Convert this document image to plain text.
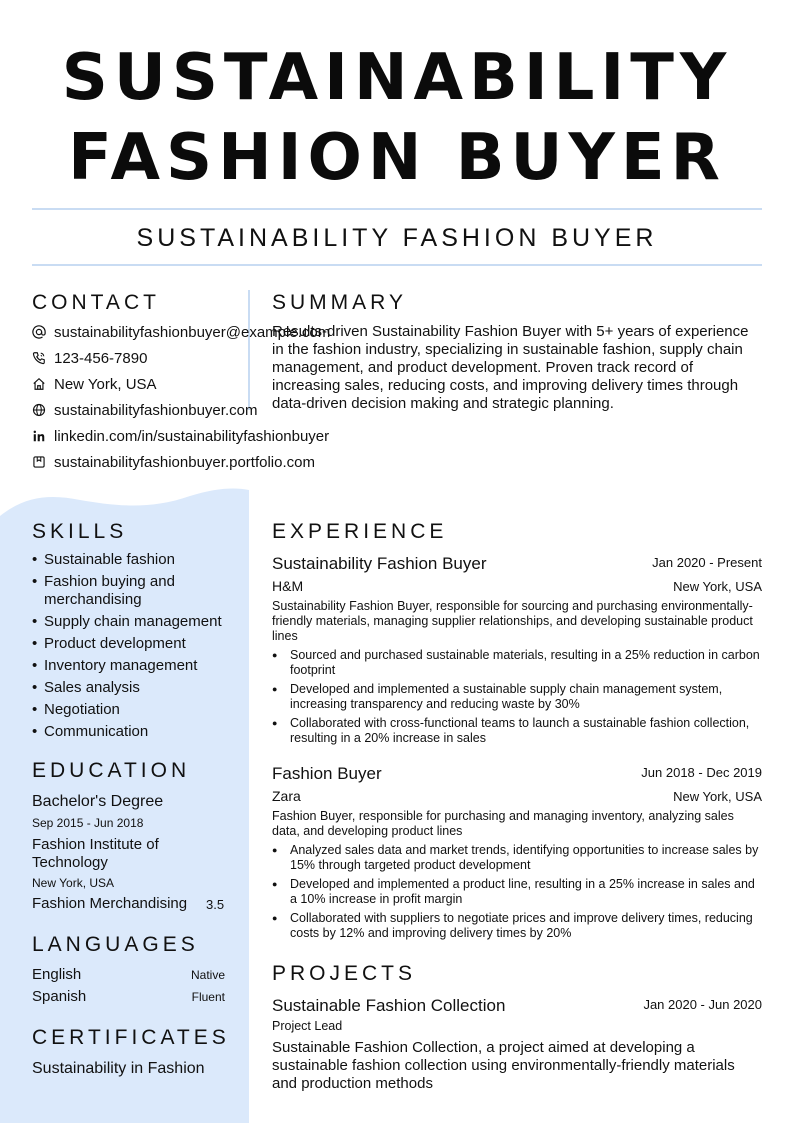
SUSTAINABILITY
FASHION BUYER
SUSTAINABILITY FASHION BUYER
CONTACT
sustainabilityfashionbuyer@example.com
123-456-7890
New York, USA
sustainabilityfashionbuyer.com
linkedin.com/in/sustainabilityfashionbuyer
sustainabilityfashionbuyer.portfolio.com
SUMMARY
Results-driven Sustainability Fashion Buyer with 5+ years of experience in the fashion industry, specializing in sustainable fashion, supply chain management, and product development. Proven track record of increasing sales, reducing costs, and improving delivery times through data-driven decision making and strategic planning.
SKILLS
• Sustainable fashion
• Fashion buying and merchandising
• Supply chain management
• Product development
• Inventory management
• Sales analysis
• Negotiation
• Communication
EDUCATION
Bachelor's Degree
Sep 2015 - Jun 2018
Fashion Institute of Technology
New York, USA
Fashion Merchandising 3.5
LANGUAGES
English	Native
Spanish	Fluent
CERTIFICATES
Sustainability in Fashion
EXPERIENCE
Sustainability Fashion Buyer	Jan 2020 - Present
H&M	New York, USA
Sustainability Fashion Buyer, responsible for sourcing and purchasing environmentally-friendly materials, managing supplier relationships, and developing sustainable product lines
● Sourced and purchased sustainable materials, resulting in a 25% reduction in carbon footprint
● Developed and implemented a sustainable supply chain management system, increasing transparency and reducing waste by 30%
● Collaborated with cross-functional teams to launch a sustainable fashion collection, resulting in a 20% increase in sales
Fashion Buyer	Jun 2018 - Dec 2019
Zara	New York, USA
Fashion Buyer, responsible for purchasing and managing inventory, analyzing sales data, and developing product lines
● Analyzed sales data and market trends, identifying opportunities to increase sales by 15% through targeted product development
● Developed and implemented a product line, resulting in a 25% increase in sales and a 10% increase in profit margin
● Collaborated with suppliers to negotiate prices and improve delivery times, reducing costs by 12% and improving delivery times by 20%
PROJECTS
Sustainable Fashion Collection	Jan 2020 - Jun 2020
Project Lead
Sustainable Fashion Collection, a project aimed at developing a sustainable fashion collection using environmentally-friendly materials and production methods
